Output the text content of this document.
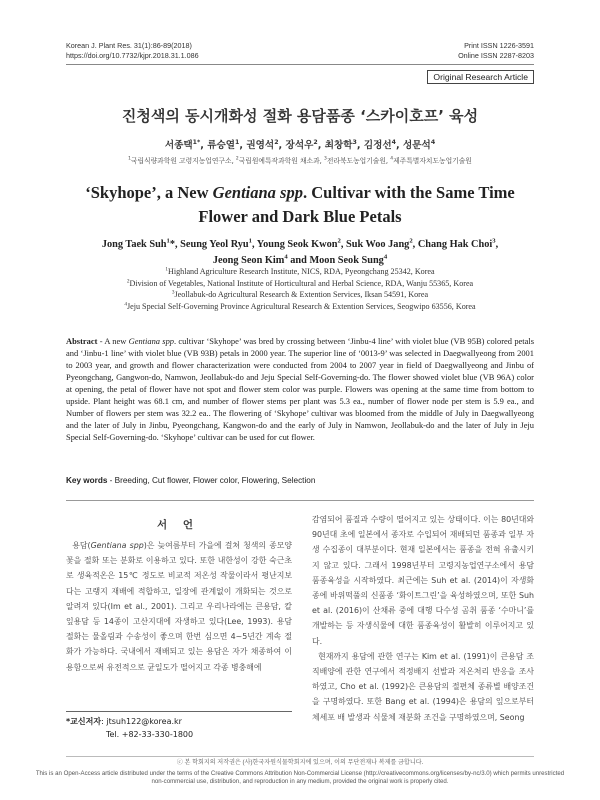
Korean J. Plant Res. 31(1):86-89(2018)
https://doi.org/10.7732/kjpr.2018.31.1.086
Print ISSN 1226-3591
Online ISSN 2287-8203
Original Research Article
진청색의 동시개화성 절화 용담품종 ‘스카이호프’ 육성
서종택$^{1*}$, 류승열$^1$, 권영석$^2$, 장석우$^2$, 최창학$^3$, 김정선$^4$, 성문석$^4$
$^1$국립식량과학원 고령지농업연구소, $^2$국립원예특작과학원 채소과, $^3$전라북도농업기술원, $^4$제주특별자치도농업기술원
‘Skyhope’, a New Gentiana spp. Cultivar with the Same Time Flower and Dark Blue Petals
Jong Taek Suh$^1$*, Seung Yeol Ryu$^1$, Young Seok Kwon$^2$, Suk Woo Jang$^2$, Chang Hak Choi$^3$,
Jeong Seon Kim$^4$ and Moon Seok Sung$^4$
$^1$Highland Agriculture Research Institute, NICS, RDA, Pyeongchang 25342, Korea
$^2$Division of Vegetables, National Institute of Horticultural and Herbal Science, RDA, Wanju 55365, Korea
$^3$Jeollabuk-do Agricultural Research & Extention Services, Iksan 54591, Korea
$^4$Jeju Special Self-Governing Province Agricultural Research & Extention Services, Seogwipo 63556, Korea
Abstract - A new Gentiana spp. cultivar ‘Skyhope’ was bred by crossing between ‘Jinbu-4 line’ with violet blue (VB 95B) colored petals and ‘Jinbu-1 line’ with violet blue (VB 93B) petals in 2000 year. The superior line of ‘0013-9’ was selected in Daegwallyeong from 2001 to 2003 year, and growth and flower characterization were conducted from 2004 to 2007 year in field of Daegwallyeong and Jinbu of Pyeongchang, Gangwon-do, Namwon, Jeollabuk-do and Jeju Special Self-Governing-do. The flower showed violet blue (VB 96A) color at opening, the petal of flower have not spot and flower stem color was purple. Flowers was opening at the same time from bottom to upside. Plant height was 68.1 cm, and number of flower stems per plant was 5.3 ea., number of flower node per stem is 5.9 ea., and Number of flowers per stem was 32.2 ea.. The flowering of ‘Skyhope’ cultivar was bloomed from the middle of July in Daegwallyeong and the later of July in Jinbu, Pyeongchang, Kangwon-do and the early of July in Namwon, Jeollabuk-do and the later of July in Jeju Special Self-Governing-do. ‘Skyhope’ cultivar can be used for cut flower.
Key words - Breeding, Cut flower, Flower color, Flowering, Selection
서 언

용담(Gentiana spp)은 늦여름부터 가을에 걸쳐 청색의 종모양 꽃을 절화 또는 분화로 이용하고 있다. 또한 내한성이 강한 숙근초로 생육적온은 15℃ 정도로 비교적 저온성 작물이라서 평난지보다는 고랭지 재배에 적합하고, 일장에 관계없이 개화되는 것으로 알려져 있다(Im et al., 2001). 그리고 우리나라에는 큰용담, 칼잎용담 등 14종이 고산지대에 자생하고 있다(Lee, 1993). 용담 절화는 물올림과 수송성이 좋으며 한번 심으면 4~5년간 계속 절화가 가능하다. 국내에서 재배되고 있는 용담은 자가 채종하여 이용함으로써 유전적으로 균일도가 떨어지고 각종 병충해에

감염되어 품질과 수량이 떨어지고 있는 상태이다. 이는 80년대와 90년대 초에 일본에서 종자로 수입되어 재배되던 품종과 일부 자생 수집종이 대부분이다. 현재 일본에서는 품종을 전혀 유출시키지 않고 있다. 그래서 1998년부터 고령지농업연구소에서 용담 품종육성을 시작하였다. 최근에는 Suh et al. (2014)이 자생화종에 바위떡풀의 신품종 ‘화이트그린’을 육성하였으며, 또한 Suh et al. (2016)이 산채류 중에 대행 다수성 곰취 품종 ‘수마니’를 개발하는 등 자생식물에 대한 품종육성이 활발히 이루어지고 있다.

현재까지 용담에 관한 연구는 Kim et al. (1991)이 큰용담 조직배양에 관한 연구에서 적정배지 선발과 저온처리 반응을 조사하였고, Cho et al. (1992)은 큰용담의 절편체 종류별 배양조건을 구명하였다. 또한 Bang et al. (1994)은 용담의 잎으로부터 체세포 배 발생과 식물체 재분화 조건을 구명하였으며, Seong

*교신저자: jtsuh122@korea.kr
Tel. +82-33-330-1800
ⓒ 본 학회지의 저작권은 (사)한국자원식물학회지에 있으며, 이의 무단전재나 복제를 금합니다.
This is an Open-Access article distributed under the terms of the Creative Commons Attribution Non-Commercial License (http://creativecommons.org/licenses/by-nc/3.0) which permits unrestricted non-commercial use, distribution, and reproduction in any medium, provided the original work is properly cited.
